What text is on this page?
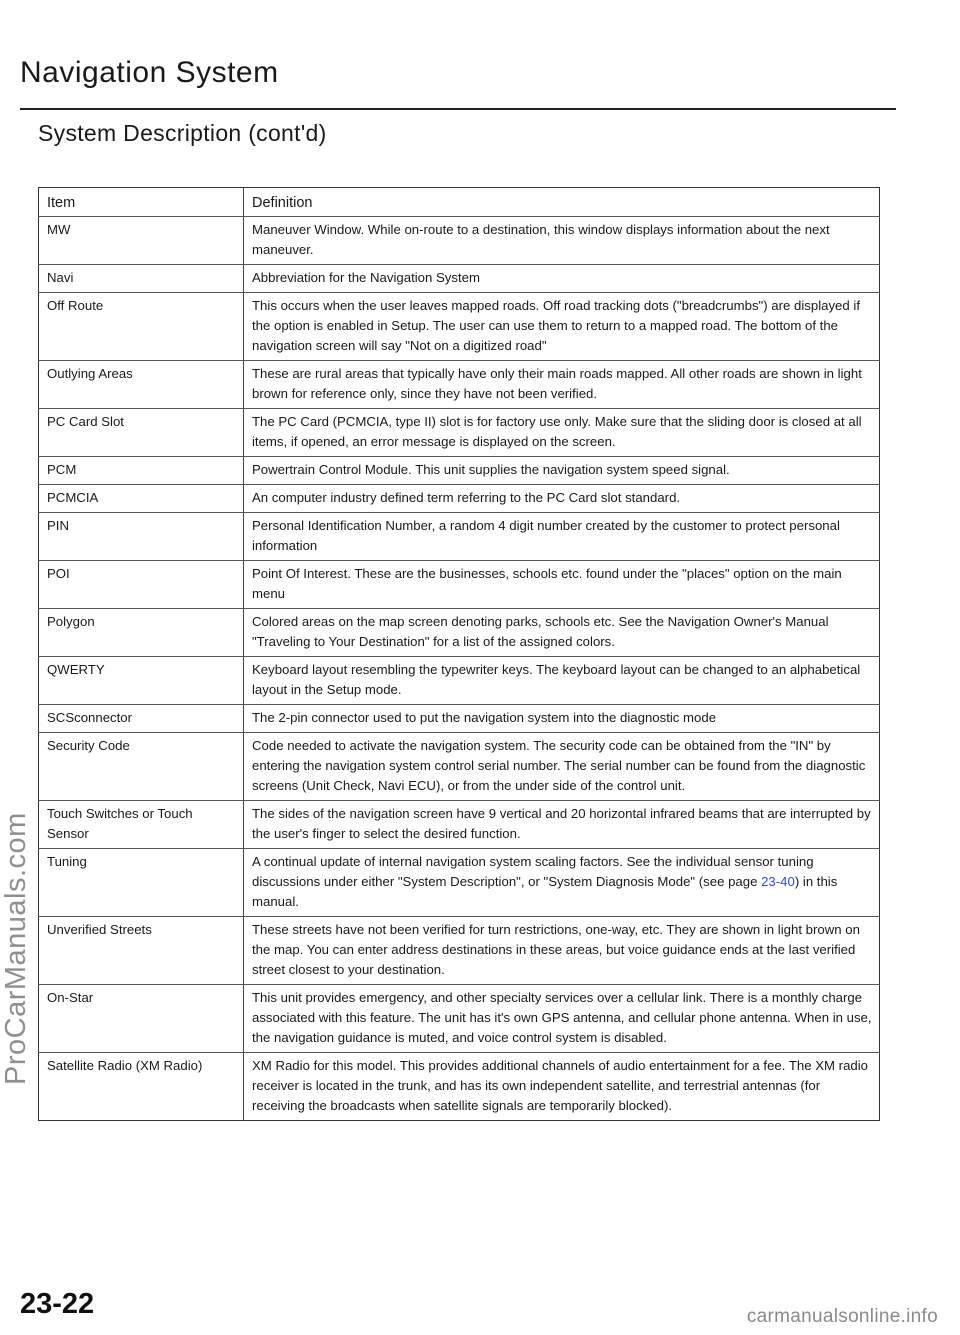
Navigation System
System Description (cont'd)
Item	Definition
MW	Maneuver Window. While on-route to a destination, this window displays information about the next maneuver.
Navi	Abbreviation for the Navigation System
Off Route	This occurs when the user leaves mapped roads. Off road tracking dots ("breadcrumbs") are displayed if the option is enabled in Setup. The user can use them to return to a mapped road. The bottom of the navigation screen will say "Not on a digitized road"
Outlying Areas	These are rural areas that typically have only their main roads mapped. All other roads are shown in light brown for reference only, since they have not been verified.
PC Card Slot	The PC Card (PCMCIA, type II) slot is for factory use only. Make sure that the sliding door is closed at all items, if opened, an error message is displayed on the screen.
PCM	Powertrain Control Module. This unit supplies the navigation system speed signal.
PCMCIA	An computer industry defined term referring to the PC Card slot standard.
PIN	Personal Identification Number, a random 4 digit number created by the customer to protect personal information
POI	Point Of Interest. These are the businesses, schools etc. found under the "places" option on the main menu
Polygon	Colored areas on the map screen denoting parks, schools etc. See the Navigation Owner's Manual "Traveling to Your Destination" for a list of the assigned colors.
QWERTY	Keyboard layout resembling the typewriter keys. The keyboard layout can be changed to an alphabetical layout in the Setup mode.
SCSconnector	The 2-pin connector used to put the navigation system into the diagnostic mode
Security Code	Code needed to activate the navigation system. The security code can be obtained from the "IN" by entering the navigation system control serial number. The serial number can be found from the diagnostic screens (Unit Check, Navi ECU), or from the under side of the control unit.
Touch Switches or Touch Sensor	The sides of the navigation screen have 9 vertical and 20 horizontal infrared beams that are interrupted by the user's finger to select the desired function.
Tuning	A continual update of internal navigation system scaling factors. See the individual sensor tuning discussions under either "System Description", or "System Diagnosis Mode" (see page 23-40) in this manual.
Unverified Streets	These streets have not been verified for turn restrictions, one-way, etc. They are shown in light brown on the map. You can enter address destinations in these areas, but voice guidance ends at the last verified street closest to your destination.
On-Star	This unit provides emergency, and other specialty services over a cellular link. There is a monthly charge associated with this feature. The unit has it's own GPS antenna, and cellular phone antenna. When in use, the navigation guidance is muted, and voice control system is disabled.
Satellite Radio (XM Radio)	XM Radio for this model. This provides additional channels of audio entertainment for a fee. The XM radio receiver is located in the trunk, and has its own independent satellite, and terrestrial antennas (for receiving the broadcasts when satellite signals are temporarily blocked).
ProCarManuals.com
23-22	carmanualsonline.info
